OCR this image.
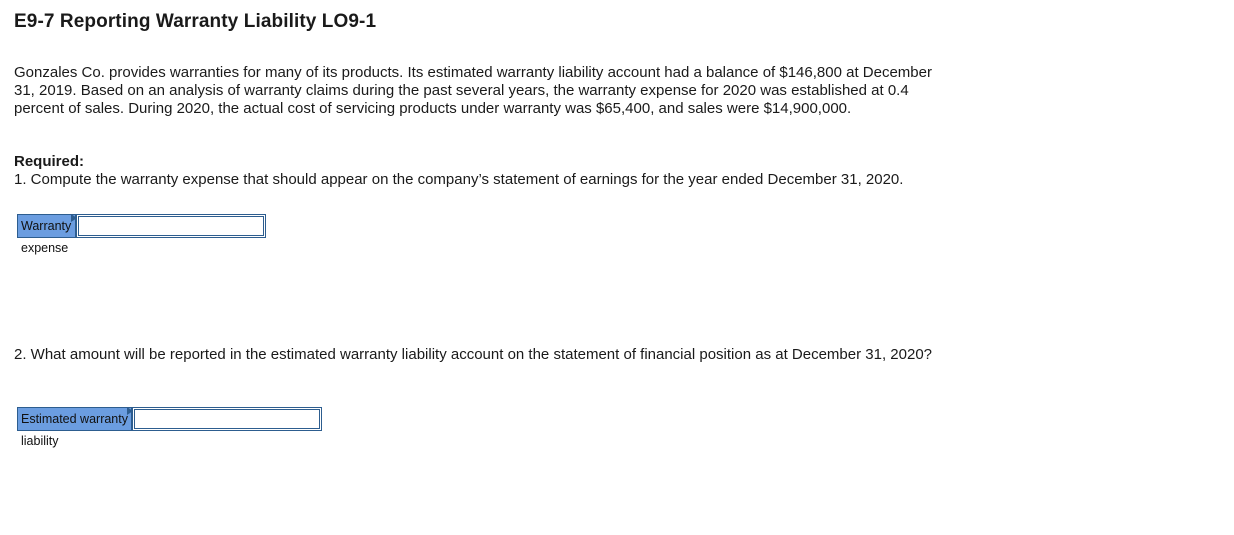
E9-7 Reporting Warranty Liability LO9-1
Gonzales Co. provides warranties for many of its products. Its estimated warranty liability account had a balance of $146,800 at December 31, 2019. Based on an analysis of warranty claims during the past several years, the warranty expense for 2020 was established at 0.4 percent of sales. During 2020, the actual cost of servicing products under warranty was $65,400, and sales were $14,900,000.
Required:
1. Compute the warranty expense that should appear on the company’s statement of earnings for the year ended December 31, 2020.
Warranty expense
2. What amount will be reported in the estimated warranty liability account on the statement of financial position as at December 31, 2020?
Estimated warranty liability
